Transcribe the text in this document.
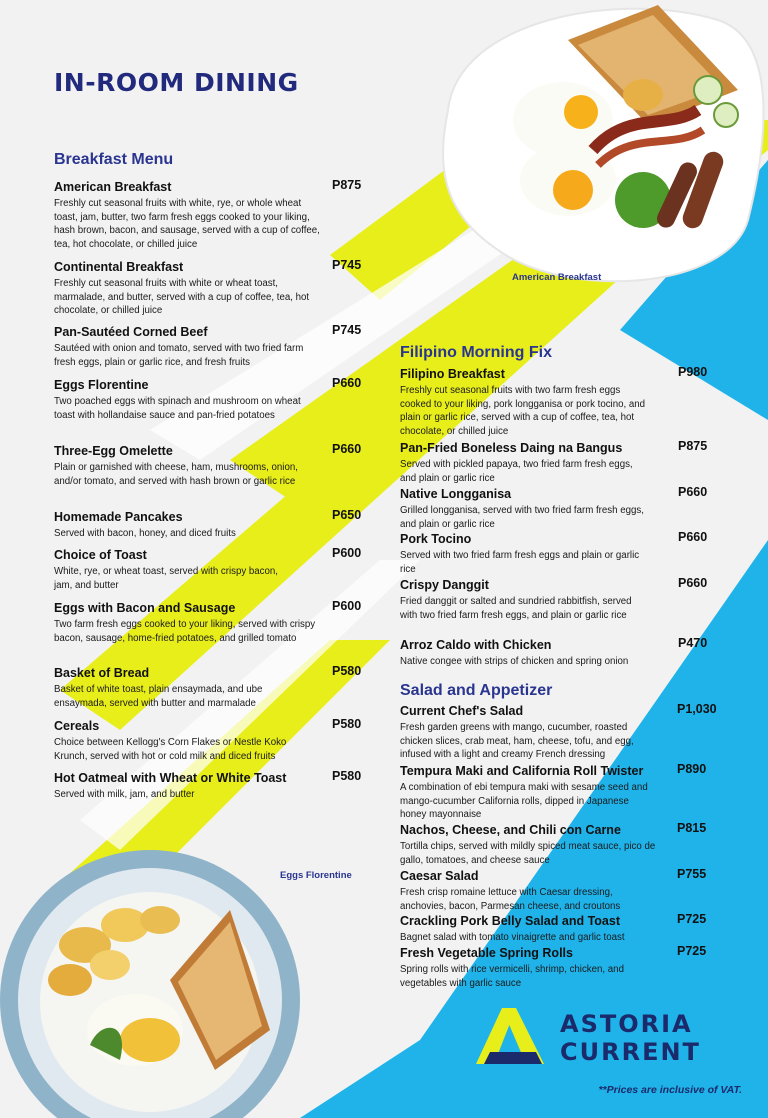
IN-ROOM DINING
Breakfast Menu
American Breakfast	P875
Freshly cut seasonal fruits with white, rye, or whole wheat toast, jam, butter, two farm fresh eggs cooked to your liking, hash brown, bacon, and sausage, served with a cup of coffee, tea, hot chocolate, or chilled juice
Continental Breakfast	P745
Freshly cut seasonal fruits with white or wheat toast, marmalade, and butter, served with a cup of coffee, tea, hot chocolate, or chilled juice
Pan-Sautéed Corned Beef	P745
Sautéed with onion and tomato, served with two fried farm fresh eggs, plain or garlic rice, and fresh fruits
Eggs Florentine	P660
Two poached eggs with spinach and mushroom on wheat toast with hollandaise sauce and pan-fried potatoes
Three-Egg Omelette	P660
Plain or garnished with cheese, ham, mushrooms, onion, and/or tomato, and served with hash brown or garlic rice
Homemade Pancakes	P650
Served with bacon, honey, and diced fruits
Choice of Toast	P600
White, rye, or wheat toast, served with crispy bacon, jam, and butter
Eggs with Bacon and Sausage	P600
Two farm fresh eggs cooked to your liking, served with crispy bacon, sausage, home-fried potatoes, and grilled tomato
Basket of Bread	P580
Basket of white toast, plain ensaymada, and ube ensaymada, served with butter and marmalade
Cereals	P580
Choice between Kellogg's Corn Flakes or Nestle Koko Krunch, served with hot or cold milk and diced fruits
Hot Oatmeal with Wheat or White Toast	P580
Served with milk, jam, and butter
American Breakfast
Eggs Florentine
Filipino Morning Fix
Filipino Breakfast	P980
Freshly cut seasonal fruits with two farm fresh eggs cooked to your liking, pork longganisa or pork tocino, and plain or garlic rice, served with a cup of coffee, tea, hot chocolate, or chilled juice
Pan-Fried Boneless Daing na Bangus	P875
Served with pickled papaya, two fried farm fresh eggs, and plain or garlic rice
Native Longganisa	P660
Grilled longganisa, served with two fried farm fresh eggs, and plain or garlic rice
Pork Tocino	P660
Served with two fried farm fresh eggs and plain or garlic rice
Crispy Danggit	P660
Fried danggit or salted and sundried rabbitfish, served with two fried farm fresh eggs, and plain or garlic rice
Arroz Caldo with Chicken	P470
Native congee with strips of chicken and spring onion
Salad and Appetizer
Current Chef's Salad	P1,030
Fresh garden greens with mango, cucumber, roasted chicken slices, crab meat, ham, cheese, tofu, and egg, infused with a light and creamy French dressing
Tempura Maki and California Roll Twister	P890
A combination of ebi tempura maki with sesame seed and mango-cucumber California rolls, dipped in Japanese honey mayonnaise
Nachos, Cheese, and Chili con Carne	P815
Tortilla chips, served with mildly spiced meat sauce, pico de gallo, tomatoes, and cheese sauce
Caesar Salad	P755
Fresh crisp romaine lettuce with Caesar dressing, anchovies, bacon, Parmesan cheese, and croutons
Crackling Pork Belly Salad and Toast	P725
Bagnet salad with tomato vinaigrette and garlic toast
Fresh Vegetable Spring Rolls	P725
Spring rolls with rice vermicelli, shrimp, chicken, and vegetables with garlic sauce
ASTORIA
CURRENT
**Prices are inclusive of VAT.
